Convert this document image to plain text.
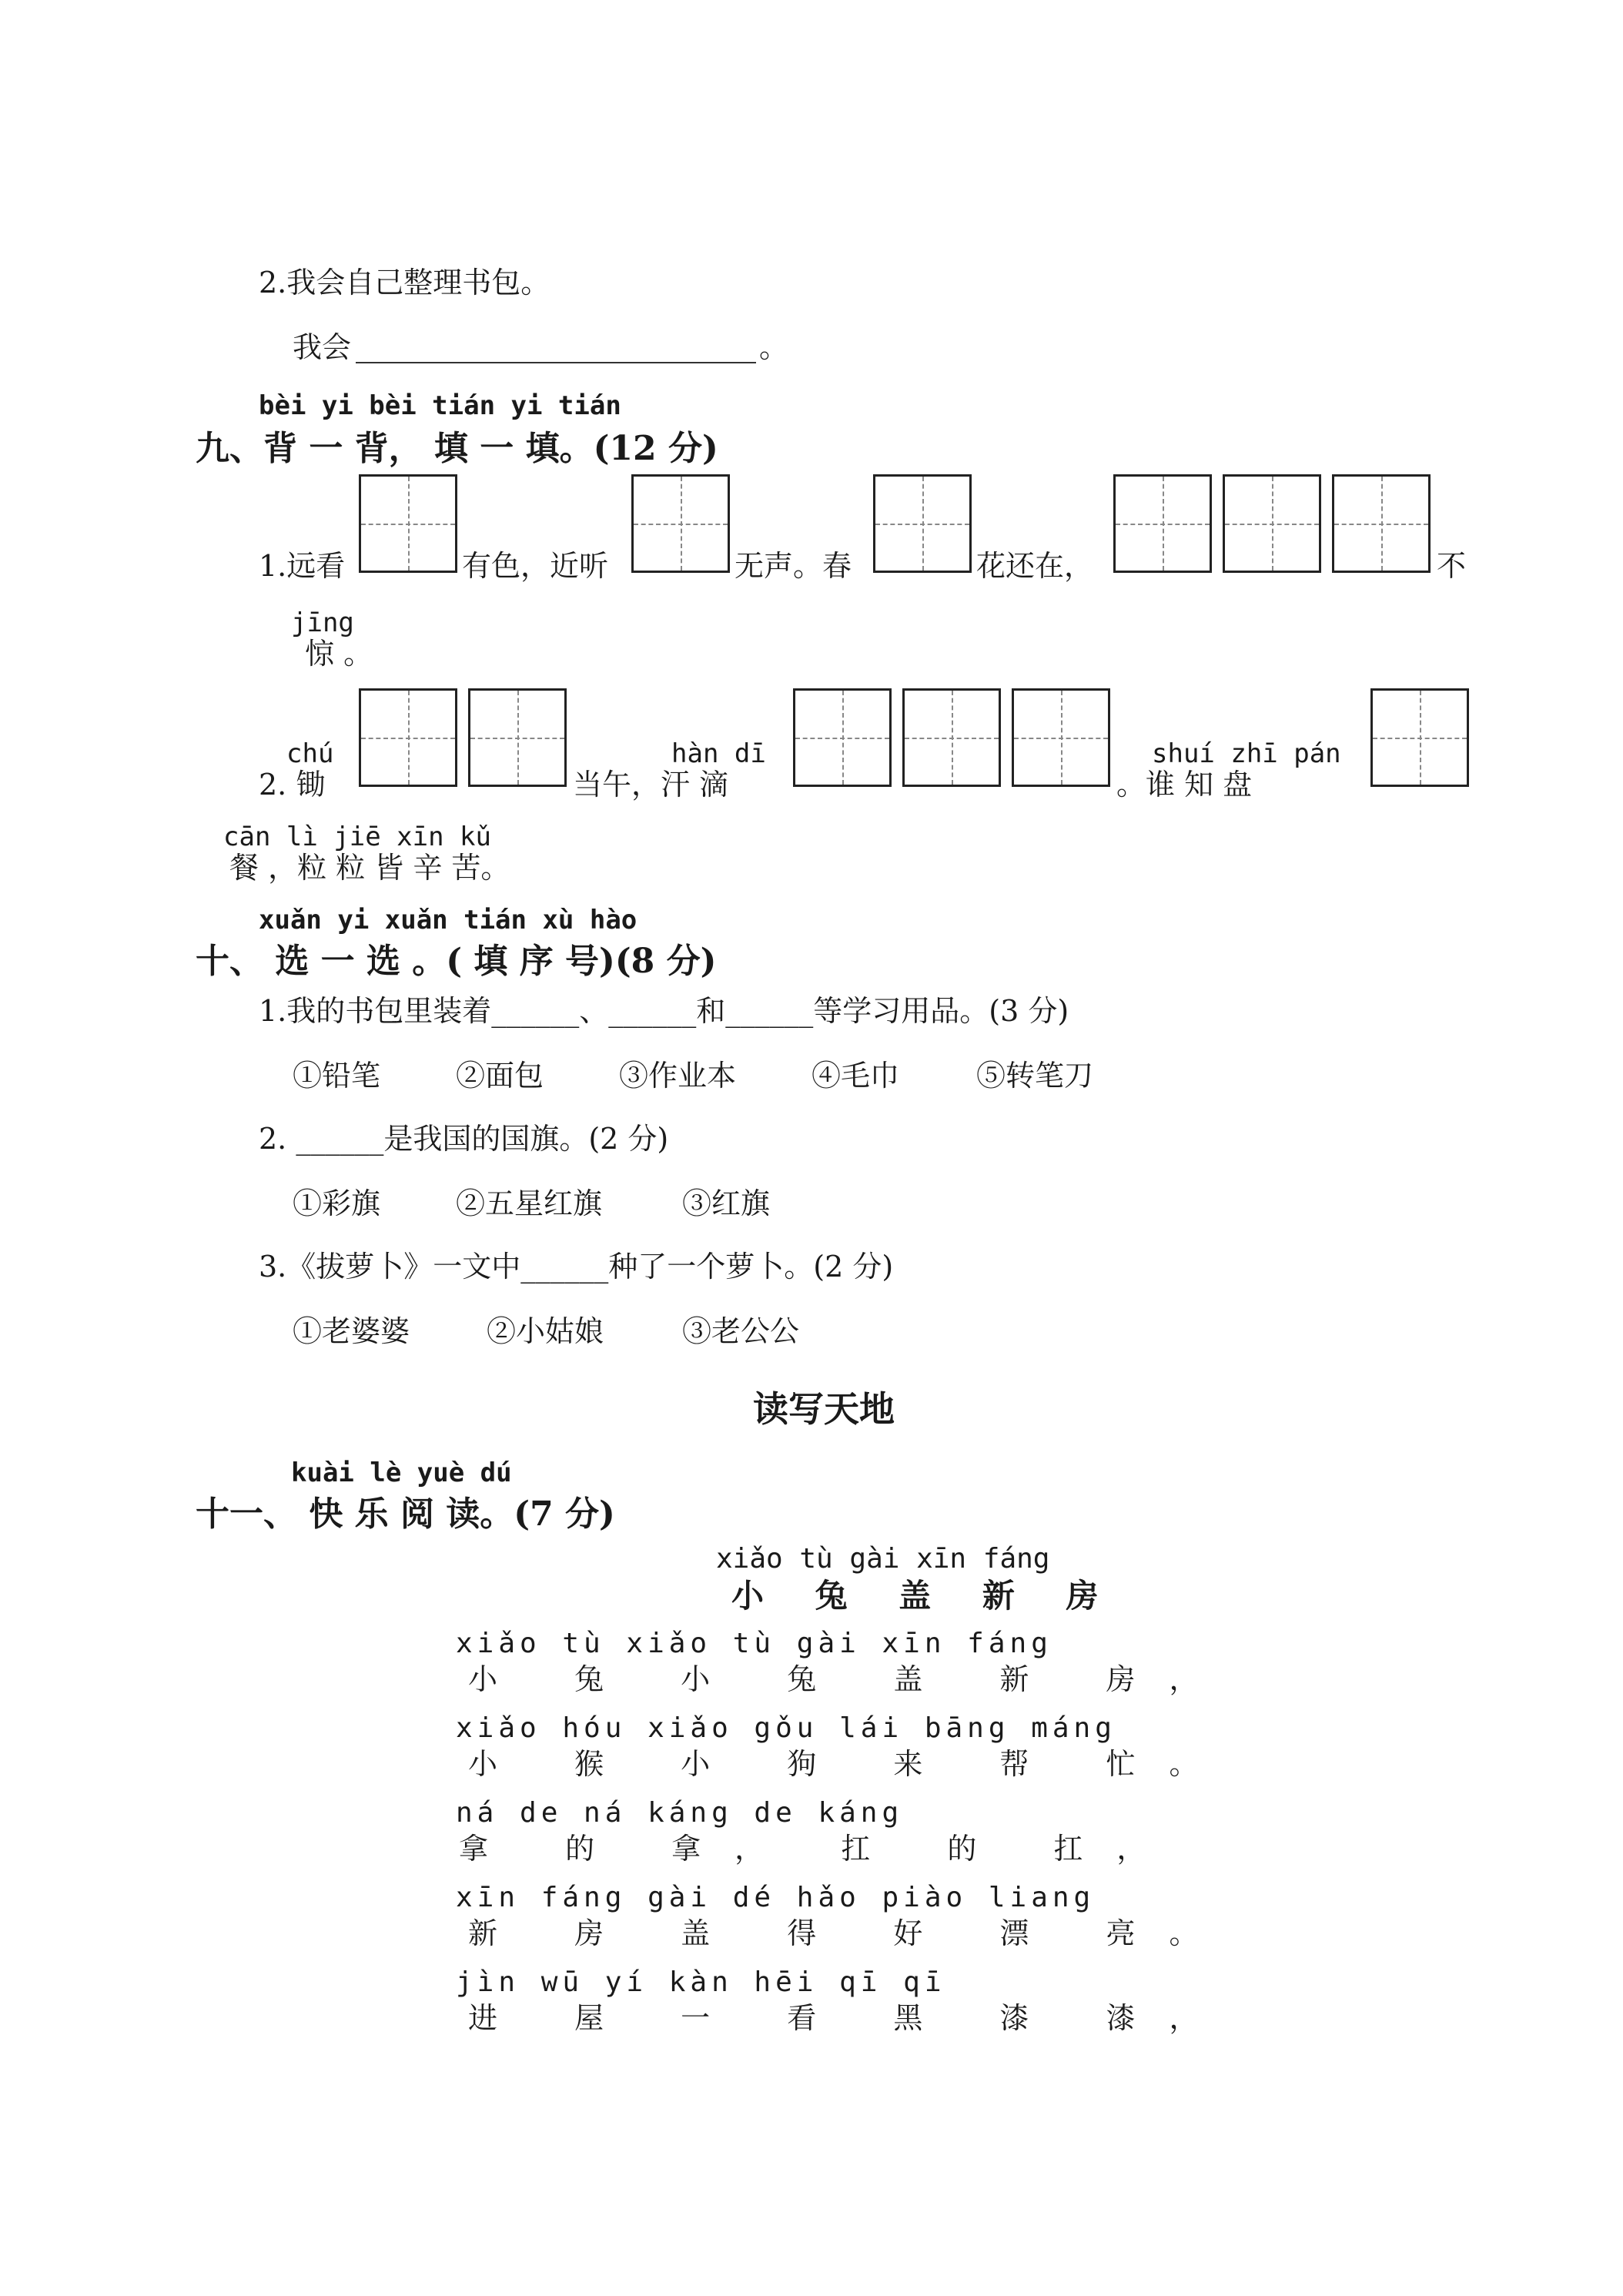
2.我会自己整理书包。
我会	。
bèi yi bèi tián yi tián
九、背 一 背， 填 一 填。(12 分)
1.远看	有色，近听	无声。春	花还在，	不
jīng
惊 。
chú
2. 锄
hàn dī
当午，汗 滴
shuí zhī pán
。谁 知 盘
cān lì jiē xīn kǔ
餐 ，粒 粒 皆 辛 苦。
xuǎn yi xuǎn tián xù hào
十、 选 一 选 。( 填 序 号)(8 分)
1.我的书包里装着______、______和______等学习用品。(3 分)
①铅笔	②面包	③作业本	④毛巾	⑤转笔刀
2. ______是我国的国旗。(2 分)
①彩旗	②五星红旗	③红旗
3.《拔萝卜》一文中______种了一个萝卜。(2 分)
①老婆婆	②小姑娘	③老公公
读写天地
kuài lè yuè dú
十一、 快 乐 阅 读。(7 分)
xiǎo tù gài xīn fáng
小 兔 盖 新 房
xiǎo tù xiǎo tù gài xīn fáng
小 兔 小 兔 盖 新 房，
xiǎo hóu xiǎo gǒu lái bāng máng
小 猴 小 狗 来 帮 忙。
ná de ná káng de káng
拿 的 拿， 扛 的 扛，
xīn fáng gài dé hǎo piào liang
新 房 盖 得 好 漂 亮。
jìn wū yí kàn hēi qī qī
进 屋 一 看 黑 漆 漆，
